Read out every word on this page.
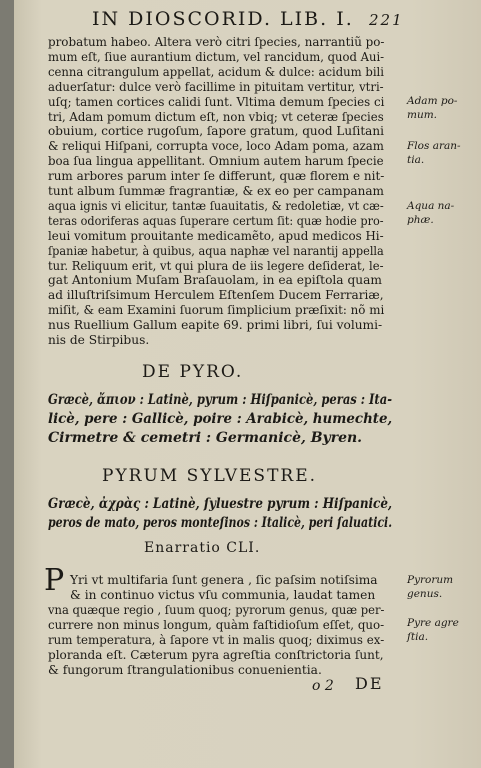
IN DIOSCORID. LIB. I. 221
probatum habeo. Altera verò citri ſpecies, narrantiũ po-
mum eſt, ſiue aurantium dictum, vel rancidum, quod Aui-
cenna citrangulum appellat, acidum & dulce: acidum bili
aduerſatur: dulce verò facillime in pituitam vertitur, vtri-
uſq; tamen cortices calidi ſunt. Vltima demum ſpecies ci
tri, Adam pomum dictum eſt, non vbiq; vt ceteræ ſpecies
obuium, cortice rugoſum, ſapore gratum, quod Luſitani
& reliqui Hiſpani, corrupta voce, loco Adam poma, azam
boa ſua lingua appellitant. Omnium autem harum ſpecie
rum arbores parum inter ſe differunt, quæ florem e nit-
tunt album ſummæ fragrantiæ, & ex eo per campanam
aqua ignis vi elicitur, tantæ ſuauitatis, & redoletiæ, vt cæ-
teras odoriferas aquas ſuperare certum ſit: quæ hodie pro-
leui vomitum prouitante medicamẽto, apud medicos Hi-
ſpaniæ habetur, à quibus, aqua naphæ vel narantij appella
tur. Reliquum erit, vt qui plura de iis legere deſiderat, le-
gat Antonium Muſam Braſauolam, in ea epiſtola quam
ad illuſtriſsimum Herculem Eſtenſem Ducem Ferrariæ,
miſit, & eam Examini ſuorum ſimplicium præſixit: nõ mi
nus Ruellium Gallum eapite 69. primi libri, ſui volumi-
nis de Stirpibus.
Adam po-
mum.
Flos aran-
tia.
Aqua na-
phæ.
Pyrorum
genus.
Pyre agre
ſtia.
DE PYRO.
Græcè, ἄπιον : Latinè, pyrum : Hiſpanicè, peras : Ita-
licè, pere : Gallicè, poire : Arabicè, humechte,
Cirmetre & cemetri : Germanicè, Byren.
PYRUM SYLVESTRE.
Græcè, ἀχρὰς : Latinè, ſyluestre pyrum : Hiſpanicè,
peros de mato, peros monteſinos : Italicè, peri ſaluatici.
Enarratio CLI.
P Yri vt multifaria ſunt genera , ſic paſsim notiſsima
& in continuo victus vſu communia, laudat tamen
vna quæque regio , ſuum quoq; pyrorum genus, quæ per-
currere non minus longum, quàm faſtidioſum eſſet, quo-
rum temperatura, à ſapore vt in malis quoq; diximus ex-
ploranda eſt. Cæterum pyra agreſtia conſtrictoria ſunt,
& fungorum ſtrangulationibus conuenientia.
o 2 DE
